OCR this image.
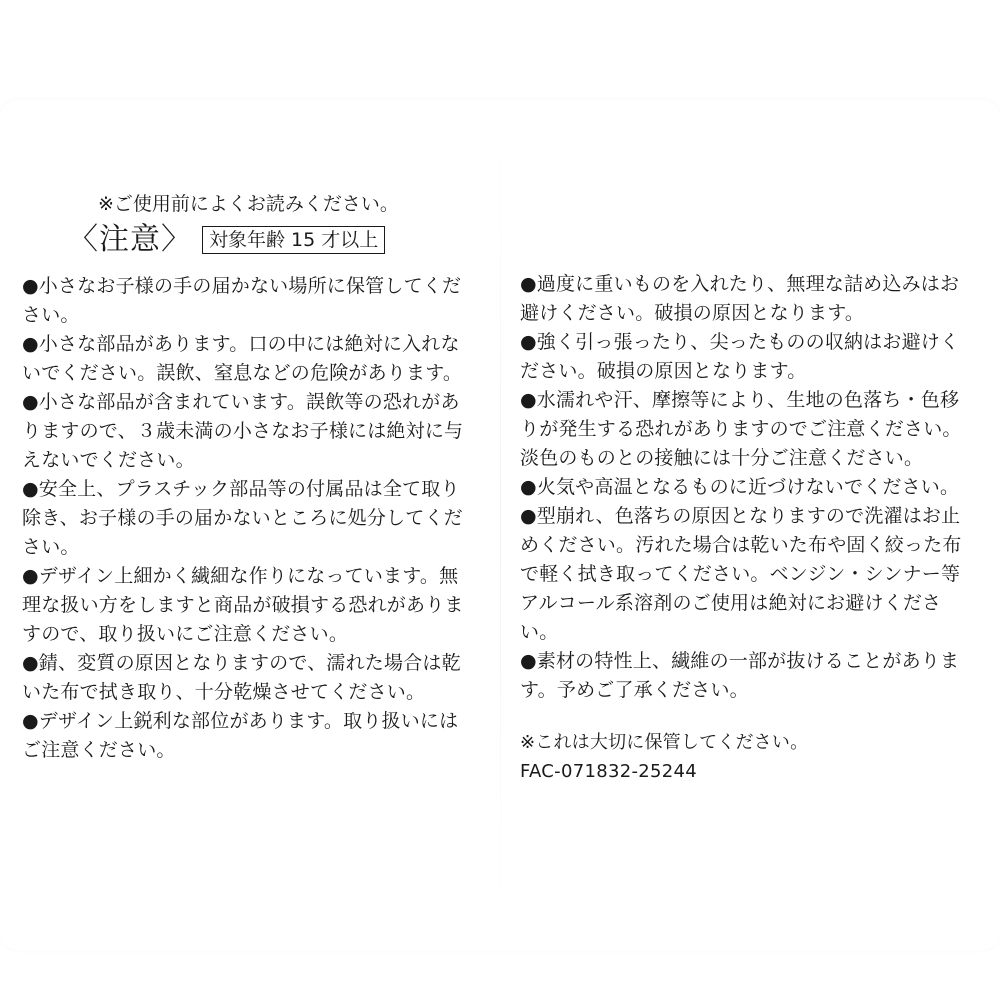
※ご使用前によくお読みください。
〈注意〉 対象年齢 15 才以上

●小さなお子様の手の届かない場所に保管してくだ
さい。

●小さな部品があります。口の中には絶対に入れな
いでください。誤飲、窒息などの危険があります。

●小さな部品が含まれています。誤飲等の恐れがあ
りますので、３歳未満の小さなお子様には絶対に与
えないでください。

●安全上、プラスチック部品等の付属品は全て取り
除き、お子様の手の届かないところに処分してくだ
さい。

●デザイン上細かく繊細な作りになっています。無
理な扱い方をしますと商品が破損する恐れがありま
すので、取り扱いにご注意ください。

●錆、変質の原因となりますので、濡れた場合は乾
いた布で拭き取り、十分乾燥させてください。

●デザイン上鋭利な部位があります。取り扱いには
ご注意ください。

●過度に重いものを入れたり、無理な詰め込みはお
避けください。破損の原因となります。

●強く引っ張ったり、尖ったものの収納はお避けく
ださい。破損の原因となります。

●水濡れや汗、摩擦等により、生地の色落ち・色移
りが発生する恐れがありますのでご注意ください。
淡色のものとの接触には十分ご注意ください。

●火気や高温となるものに近づけないでください。

●型崩れ、色落ちの原因となりますので洗濯はお止
めください。汚れた場合は乾いた布や固く絞った布
で軽く拭き取ってください。ベンジン・シンナー等
アルコール系溶剤のご使用は絶対にお避けくださ
い。

●素材の特性上、繊維の一部が抜けることがありま
す。予めご了承ください。

※これは大切に保管してください。
FAC-071832-25244
